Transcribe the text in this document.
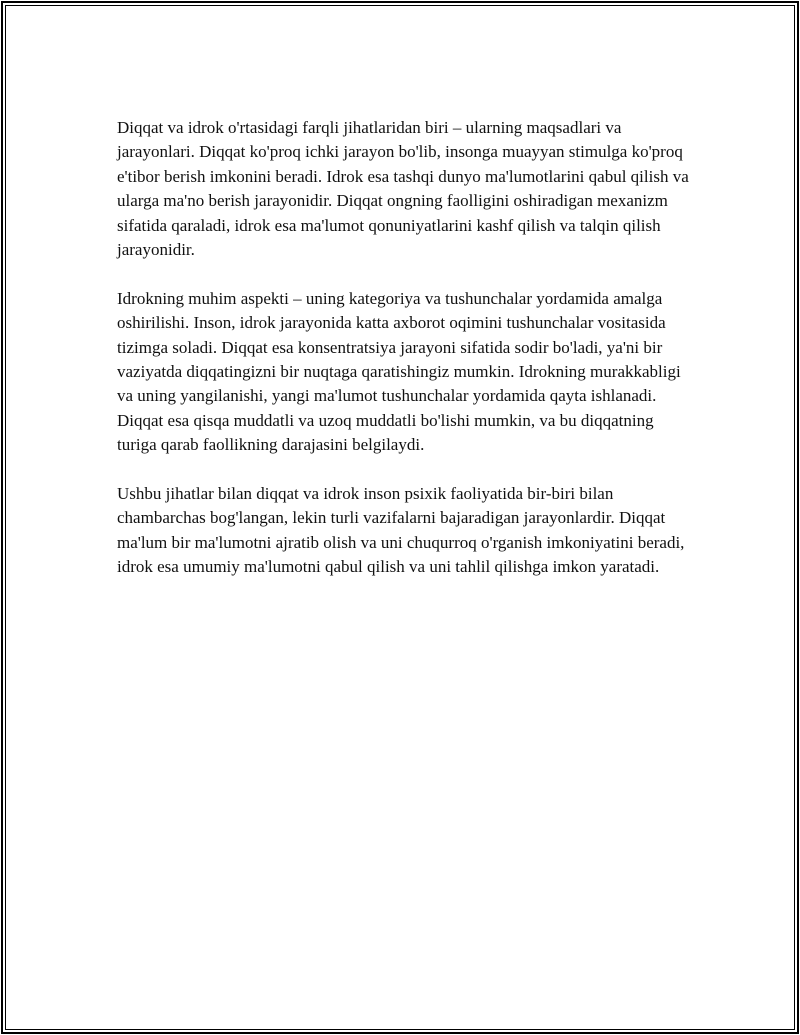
Diqqat va idrok o'rtasidagi farqli jihatlaridan biri – ularning maqsadlari va jarayonlari. Diqqat ko'proq ichki jarayon bo'lib, insonga muayyan stimulga ko'proq e'tibor berish imkonini beradi. Idrok esa tashqi dunyo ma'lumotlarini qabul qilish va ularga ma'no berish jarayonidir. Diqqat ongning faolligini oshiradigan mexanizm sifatida qaraladi, idrok esa ma'lumot qonuniyatlarini kashf qilish va talqin qilish jarayonidir.

Idrokning muhim aspekti – uning kategoriya va tushunchalar yordamida amalga oshirilishi. Inson, idrok jarayonida katta axborot oqimini tushunchalar vositasida tizimga soladi. Diqqat esa konsentratsiya jarayoni sifatida sodir bo'ladi, ya'ni bir vaziyatda diqqatingizni bir nuqtaga qaratishingiz mumkin. Idrokning murakkabligi va uning yangilanishi, yangi ma'lumot tushunchalar yordamida qayta ishlanadi. Diqqat esa qisqa muddatli va uzoq muddatli bo'lishi mumkin, va bu diqqatning turiga qarab faollikning darajasini belgilaydi.

Ushbu jihatlar bilan diqqat va idrok inson psixik faoliyatida bir-biri bilan chambarchas bog'langan, lekin turli vazifalarni bajaradigan jarayonlardir. Diqqat ma'lum bir ma'lumotni ajratib olish va uni chuqurroq o'rganish imkoniyatini beradi, idrok esa umumiy ma'lumotni qabul qilish va uni tahlil qilishga imkon yaratadi.
